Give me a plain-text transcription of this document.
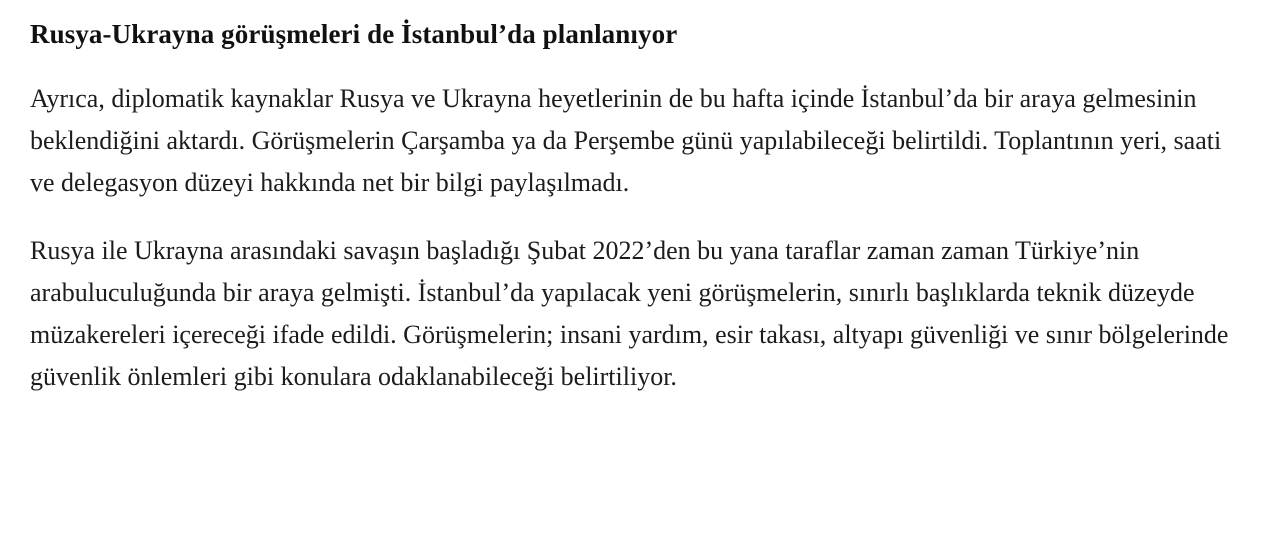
Rusya-Ukrayna görüşmeleri de İstanbul’da planlanıyor

Ayrıca, diplomatik kaynaklar Rusya ve Ukrayna heyetlerinin de bu hafta içinde İstanbul’da bir araya gelmesinin beklendiğini aktardı. Görüşmelerin Çarşamba ya da Perşembe günü yapılabileceği belirtildi. Toplantının yeri, saati ve delegasyon düzeyi hakkında net bir bilgi paylaşılmadı.

Rusya ile Ukrayna arasındaki savaşın başladığı Şubat 2022’den bu yana taraflar zaman zaman Türkiye’nin arabuluculuğunda bir araya gelmişti. İstanbul’da yapılacak yeni görüşmelerin, sınırlı başlıklarda teknik düzeyde müzakereleri içereceği ifade edildi. Görüşmelerin; insani yardım, esir takası, altyapı güvenliği ve sınır bölgelerinde güvenlik önlemleri gibi konulara odaklanabileceği belirtiliyor.
